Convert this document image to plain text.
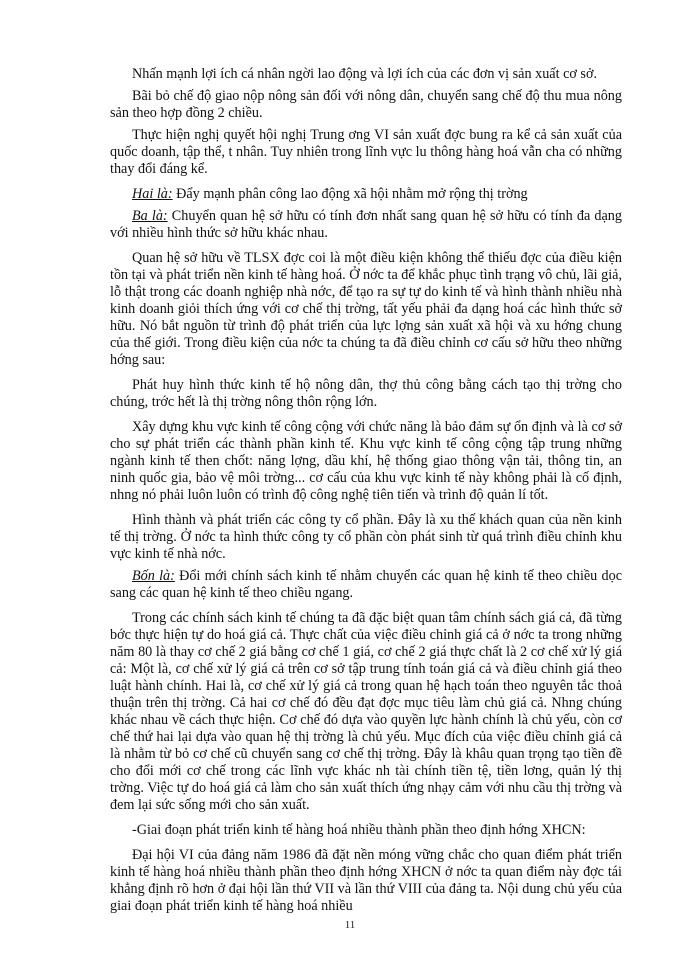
Nhấn mạnh lợi ích cá nhân ngời lao động và lợi ích của các đơn vị sản xuất cơ sở.

Bãi bỏ chế độ giao nộp nông sản đối với nông dân, chuyển sang chế độ thu mua nông sản theo hợp đồng 2 chiều.

Thực hiện nghị quyết hội nghị Trung ơng VI sản xuất đợc bung ra kể cả sản xuất của quốc doanh, tập thể, t nhân. Tuy nhiên trong lĩnh vực lu thông hàng hoá vẫn cha có những thay đổi đáng kể.

Hai là: Đẩy mạnh phân công lao động xã hội nhằm mở rộng thị trờng

Ba là: Chuyển quan hệ sở hữu có tính đơn nhất sang quan hệ sở hữu có tính đa dạng với nhiều hình thức sở hữu khác nhau.

Quan hệ sở hữu về TLSX đợc coi là một điều kiện không thể thiếu đợc của điều kiện tồn tại và phát triển nền kinh tế hàng hoá. Ở nớc ta để khắc phục tình trạng vô chủ, lãi giả, lỗ thật trong các doanh nghiệp nhà nớc, để tạo ra sự tự do kinh tế và hình thành nhiều nhà kinh doanh giỏi thích ứng với cơ chế thị trờng, tất yếu phải đa dạng hoá các hình thức sở hữu. Nó bắt nguồn từ trình độ phát triển của lực lợng sản xuất xã hội và xu hớng chung của thế giới. Trong điều kiện của nớc ta chúng ta đã điều chỉnh cơ cấu sở hữu theo những hớng sau:

Phát huy hình thức kinh tế hộ nông dân, thợ thủ công bằng cách tạo thị trờng cho chúng, trớc hết là thị trờng nông thôn rộng lớn.

Xây dựng khu vực kinh tế công cộng với chức năng là bảo đảm sự ổn định và là cơ sở cho sự phát triển các thành phần kinh tế. Khu vực kinh tế công cộng tập trung những ngành kinh tế then chốt: năng lợng, dầu khí, hệ thống giao thông vận tải, thông tin, an ninh quốc gia, bảo vệ môi trờng... cơ cấu của khu vực kinh tế này không phải là cố định, nhng nó phải luôn luôn có trình độ công nghệ tiên tiến và trình độ quản lí tốt.

Hình thành và phát triển các công ty cổ phần. Đây là xu thế khách quan của nền kinh tế thị trờng. Ở nớc ta hình thức công ty cổ phần còn phát sinh từ quá trình điều chỉnh khu vực kinh tế nhà nớc.

Bốn là: Đổi mới chính sách kinh tế nhằm chuyển các quan hệ kinh tế theo chiều dọc sang các quan hệ kinh tế theo chiều ngang.

Trong các chính sách kinh tế chúng ta đã đặc biệt quan tâm chính sách giá cả, đã từng bớc thực hiện tự do hoá giá cả. Thực chất của việc điều chỉnh giá cả ở nớc ta trong những năm 80 là thay cơ chế 2 giá bằng cơ chế 1 giá, cơ chế 2 giá thực chất là 2 cơ chế xử lý giá cả: Một là, cơ chế xử lý giá cả trên cơ sở tập trung tính toán giá cả và điều chỉnh giá theo luật hành chính. Hai là, cơ chế xử lý giá cả trong quan hệ hạch toán theo nguyên tắc thoả thuận trên thị trờng. Cả hai cơ chế đó đều đạt đợc mục tiêu làm chủ giá cả. Nhng chúng khác nhau về cách thực hiện. Cơ chế đó dựa vào quyền lực hành chính là chủ yếu, còn cơ chế thứ hai lại dựa vào quan hệ thị trờng là chủ yếu. Mục đích của việc điều chỉnh giá cả là nhằm từ bỏ cơ chế cũ chuyển sang cơ chế thị trờng. Đây là khâu quan trọng tạo tiền đề cho đổi mới cơ chế trong các lĩnh vực khác nh tài chính tiền tệ, tiền lơng, quản lý thị trờng. Việc tự do hoá giá cả làm cho sản xuất thích ứng nhạy cảm với nhu cầu thị trờng và đem lại sức sống mới cho sản xuất.

-Giai đoạn phát triển kinh tế hàng hoá nhiều thành phần theo định hớng XHCN:

Đại hội VI của đảng năm 1986 đã đặt nền móng vững chắc cho quan điểm phát triển kinh tế hàng hoá nhiều thành phần theo định hớng XHCN ở nớc ta quan điểm này đợc tái khẳng định rõ hơn ở đại hội lần thứ VII và lần thứ VIII của đảng ta. Nội dung chủ yếu của giai đoạn phát triển kinh tế hàng hoá nhiều

11
